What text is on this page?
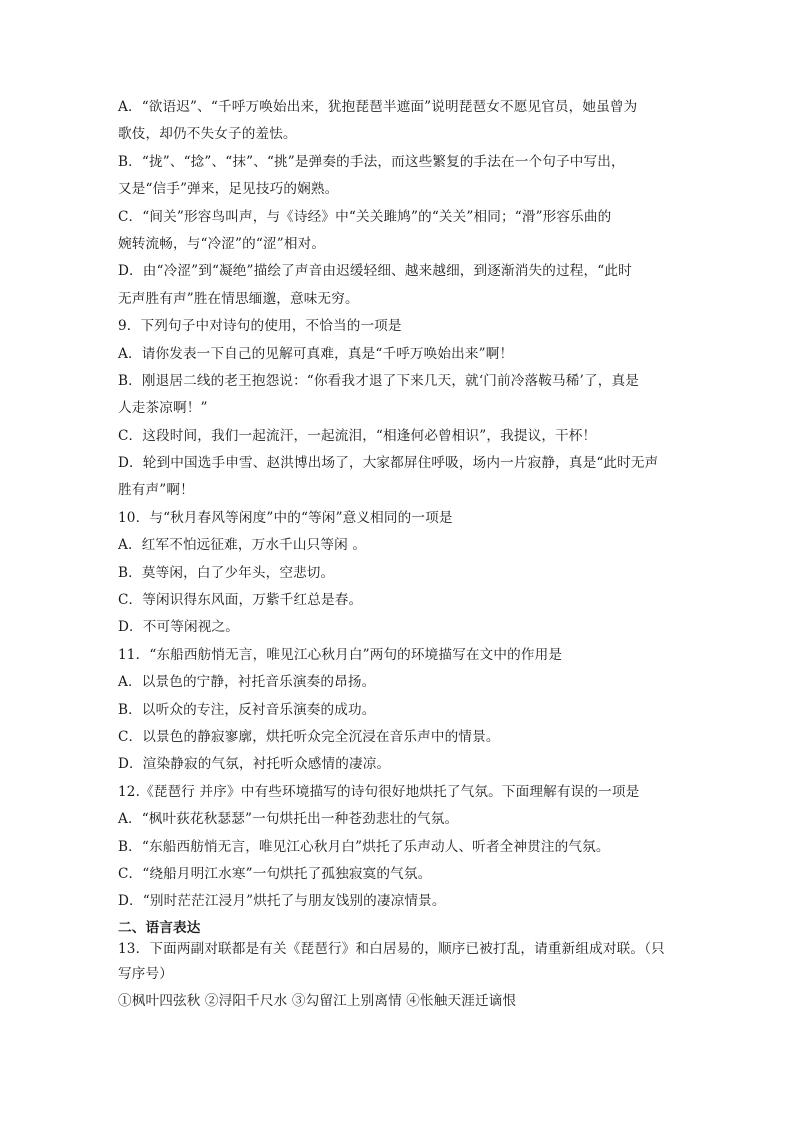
A．“欲语迟”、“千呼万唤始出来，犹抱琵琶半遮面”说明琵琶女不愿见官员，她虽曾为
歌伎，却仍不失女子的羞怯。
B．“拢”、“捻”、“抹”、“挑”是弹奏的手法，而这些繁复的手法在一个句子中写出，
又是“信手”弹来，足见技巧的娴熟。
C．“间关”形容鸟叫声，与《诗经》中“关关雎鸠”的“关关”相同；“滑”形容乐曲的
婉转流畅，与“冷涩”的“涩”相对。
D．由“冷涩”到“凝绝”描绘了声音由迟缓轻细、越来越细，到逐渐消失的过程，“此时
无声胜有声”胜在情思缅邈，意味无穷。
9．下列句子中对诗句的使用，不恰当的一项是
A．请你发表一下自己的见解可真难，真是“千呼万唤始出来”啊！
B．刚退居二线的老王抱怨说：“你看我才退了下来几天，就‘门前冷落鞍马稀’了，真是
人走茶凉啊！”
C．这段时间，我们一起流汗，一起流泪，“相逢何必曾相识”，我提议，干杯！
D．轮到中国选手申雪、赵洪博出场了，大家都屏住呼吸，场内一片寂静，真是“此时无声
胜有声”啊！
10．与“秋月春风等闲度”中的“等闲”意义相同的一项是
A．红军不怕远征难，万水千山只等闲 。
B．莫等闲，白了少年头，空悲切。
C．等闲识得东风面，万紫千红总是春。
D．不可等闲视之。
11．“东船西舫悄无言，唯见江心秋月白”两句的环境描写在文中的作用是
A．以景色的宁静，衬托音乐演奏的昂扬。
B．以听众的专注，反衬音乐演奏的成功。
C．以景色的静寂寥廓，烘托听众完全沉浸在音乐声中的情景。
D．渲染静寂的气氛，衬托听众感情的凄凉。
12.《琵琶行 并序》中有些环境描写的诗句很好地烘托了气氛。下面理解有误的一项是
A．“枫叶荻花秋瑟瑟”一句烘托出一种苍劲悲壮的气氛。
B．“东船西舫悄无言，唯见江心秋月白”烘托了乐声动人、听者全神贯注的气氛。
C．“绕船月明江水寒”一句烘托了孤独寂寞的气氛。
D．“别时茫茫江浸月”烘托了与朋友饯别的凄凉情景。
二、语言表达
13．下面两副对联都是有关《琵琶行》和白居易的，顺序已被打乱，请重新组成对联。（只
写序号）
①枫叶四弦秋 ②浔阳千尺水 ③勾留江上别离情 ④怅触天涯迁谪恨
